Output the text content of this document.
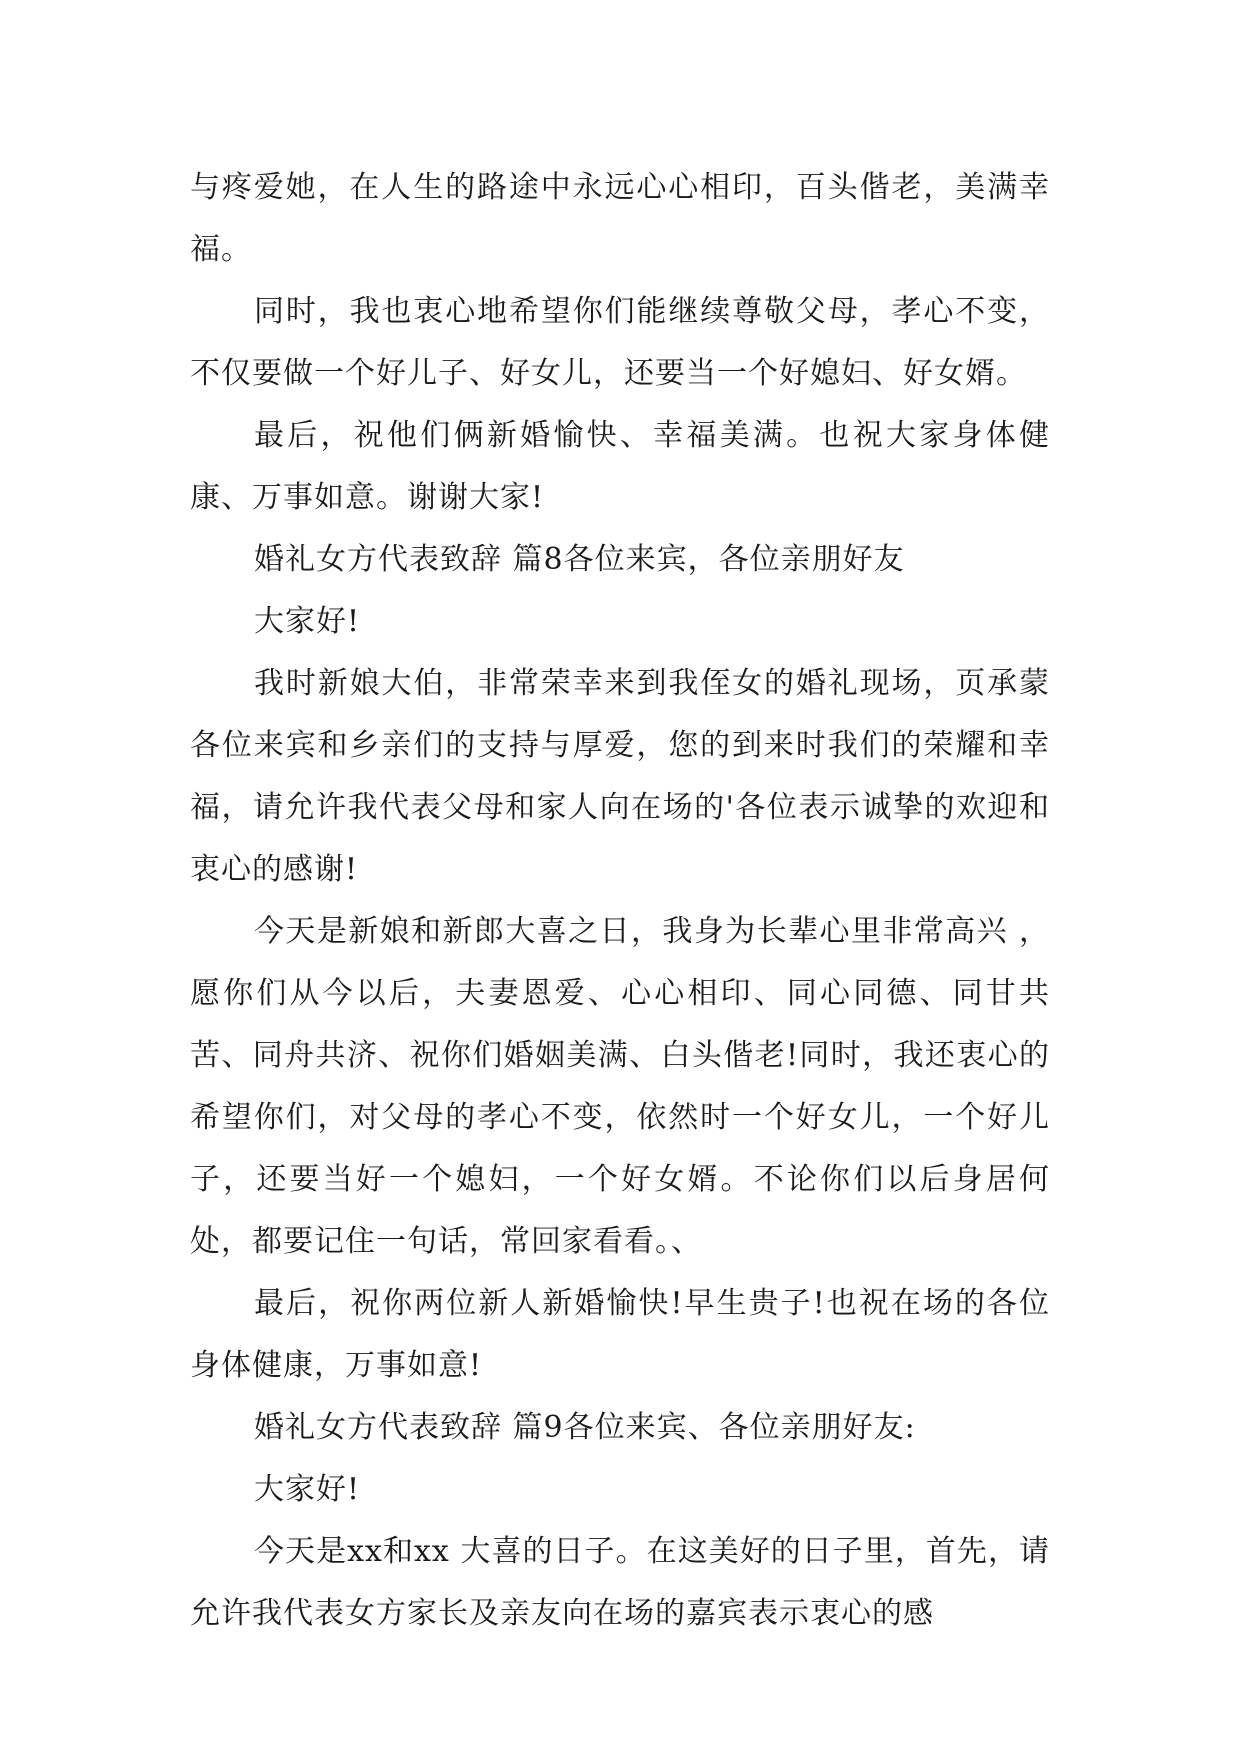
与疼爱她，在人生的路途中永远心心相印，百头偕老，美满幸福。

同时，我也衷心地希望你们能继续尊敬父母，孝心不变，不仅要做一个好儿子、好女儿，还要当一个好媳妇、好女婿。

最后，祝他们俩新婚愉快、幸福美满。也祝大家身体健康、万事如意。谢谢大家!

婚礼女方代表致辞 篇8各位来宾，各位亲朋好友

大家好!

我时新娘大伯，非常荣幸来到我侄女的婚礼现场，页承蒙各位来宾和乡亲们的支持与厚爱，您的到来时我们的荣耀和幸福，请允许我代表父母和家人向在场的'各位表示诚挚的欢迎和衷心的感谢!

今天是新娘和新郎大喜之日，我身为长辈心里非常高兴 ，愿你们从今以后，夫妻恩爱、心心相印、同心同德、同甘共苦、同舟共济、祝你们婚姻美满、白头偕老!同时，我还衷心的希望你们，对父母的孝心不变，依然时一个好女儿，一个好儿子，还要当好一个媳妇，一个好女婿。不论你们以后身居何处，都要记住一句话，常回家看看。、

最后，祝你两位新人新婚愉快!早生贵子!也祝在场的各位身体健康，万事如意!

婚礼女方代表致辞 篇9各位来宾、各位亲朋好友:

大家好!

今天是xx和xx 大喜的日子。在这美好的日子里，首先，请允许我代表女方家长及亲友向在场的嘉宾表示衷心的感
